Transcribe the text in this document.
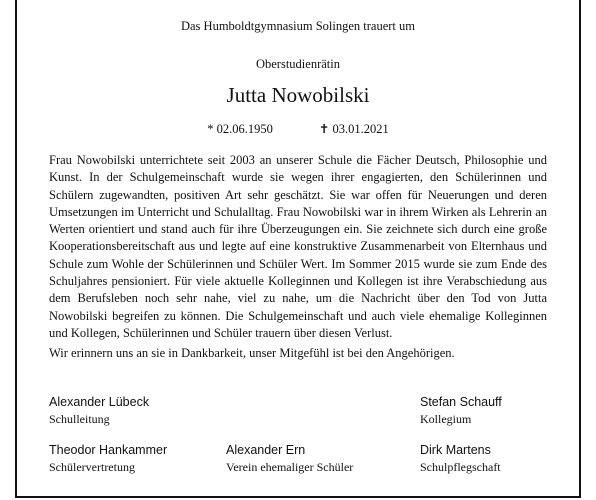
Das Humboldtgymnasium Solingen trauert um
Oberstudienrätin
Jutta Nowobilski
* 02.06.1950	✝ 03.01.2021
Frau Nowobilski unterrichtete seit 2003 an unserer Schule die Fächer Deutsch, Philosophie und Kunst. In der Schulgemeinschaft wurde sie wegen ihrer engagierten, den Schülerinnen und Schülern zugewandten, positiven Art sehr geschätzt. Sie war offen für Neuerungen und deren Umsetzungen im Unterricht und Schulalltag. Frau Nowobilski war in ihrem Wirken als Lehrerin an Werten orientiert und stand auch für ihre Überzeugungen ein. Sie zeichnete sich durch eine große Kooperationsbereitschaft aus und legte auf eine konstruktive Zusammenarbeit von Elternhaus und Schule zum Wohle der Schülerinnen und Schüler Wert. Im Sommer 2015 wurde sie zum Ende des Schuljahres pensioniert. Für viele aktuelle Kolleginnen und Kollegen ist ihre Verabschiedung aus dem Berufsleben noch sehr nahe, viel zu nahe, um die Nachricht über den Tod von Jutta Nowobilski begreifen zu können. Die Schulgemeinschaft und auch viele ehemalige Kolleginnen und Kollegen, Schülerinnen und Schüler trauern über diesen Verlust.
Wir erinnern uns an sie in Dankbarkeit, unser Mitgefühl ist bei den Angehörigen.
Alexander Lübeck
Schulleitung
Stefan Schauff
Kollegium
Theodor Hankammer
Schülervertretung
Alexander Ern
Verein ehemaliger Schüler
Dirk Martens
Schulpflegschaft
